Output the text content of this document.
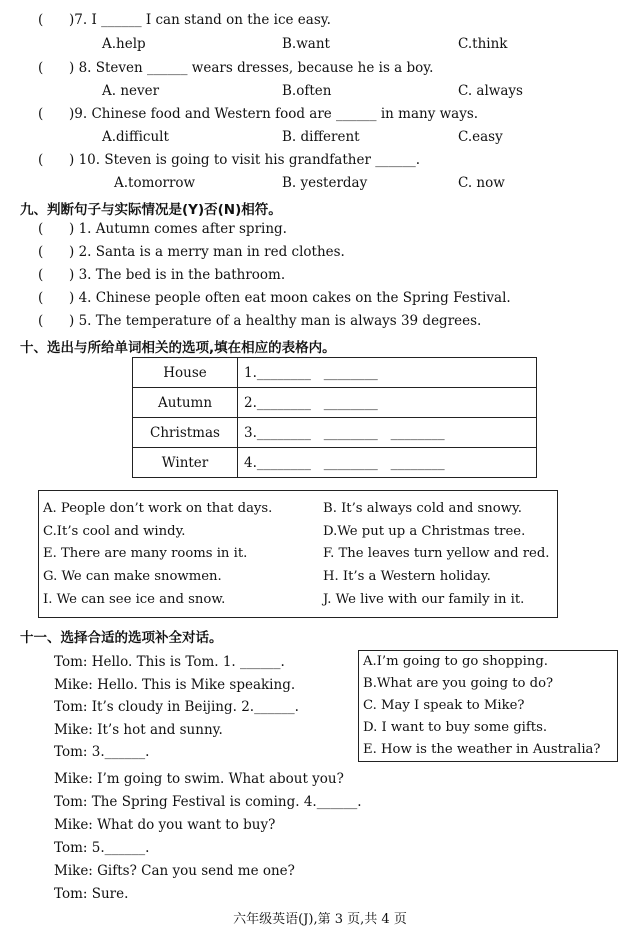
(      )7. I ______ I can stand on the ice easy.
A.help	B.want	C.think
(      ) 8. Steven ______ wears dresses, because he is a boy.
A. never	B.often	C. always
(      )9. Chinese food and Western food are ______ in many ways.
A.difficult	B. different	C.easy
(      ) 10. Steven is going to visit his grandfather ______.
A.tomorrow	B. yesterday	C. now
九、判断句子与实际情况是(Y)否(N)相符。
(      ) 1. Autumn comes after spring.
(      ) 2. Santa is a merry man in red clothes.
(      ) 3. The bed is in the bathroom.
(      ) 4. Chinese people often eat moon cakes on the Spring Festival.
(      ) 5. The temperature of a healthy man is always 39 degrees.
十、选出与所给单词相关的选项,填在相应的表格内。
House	1.________   ________
Autumn	2.________   ________
Christmas	3.________   ________   ________
Winter	4.________   ________   ________
A. People don’t work on that days.	B. It’s always cold and snowy.
C.It’s cool and windy.	D.We put up a Christmas tree.
E. There are many rooms in it.	F. The leaves turn yellow and red.
G. We can make snowmen.	H. It’s a Western holiday.
I. We can see ice and snow.	J. We live with our family in it.
十一、选择合适的选项补全对话。
Tom: Hello. This is Tom. 1. ______.
Mike: Hello. This is Mike speaking.
Tom: It’s cloudy in Beijing. 2.______.
Mike: It’s hot and sunny.
Tom: 3.______.
Mike: I’m going to swim. What about you?
Tom: The Spring Festival is coming. 4.______.
Mike: What do you want to buy?
Tom: 5.______.
Mike: Gifts? Can you send me one?
Tom: Sure.
A.I’m going to go shopping.
B.What are you going to do?
C. May I speak to Mike?
D. I want to buy some gifts.
E. How is the weather in Australia?
六年级英语(J),第 3 页,共 4 页
